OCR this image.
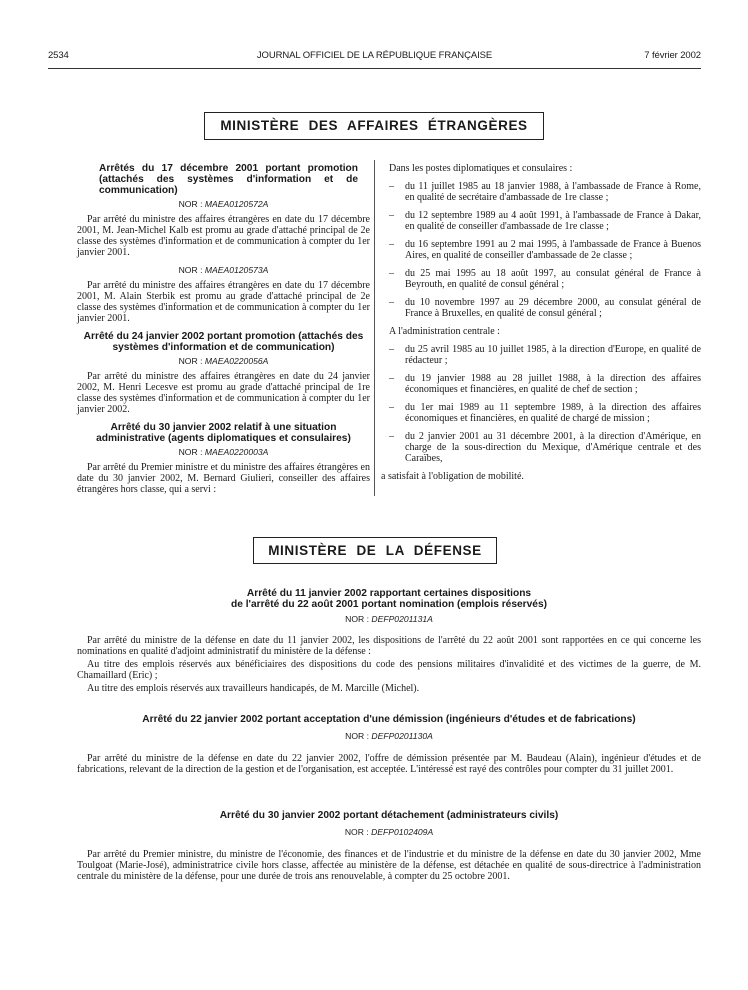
2534	JOURNAL OFFICIEL DE LA RÉPUBLIQUE FRANÇAISE	7 février 2002
MINISTÈRE DES AFFAIRES ÉTRANGÈRES
Arrêtés du 17 décembre 2001 portant promotion (attachés des systèmes d'information et de communication)
NOR : MAEA0120572A

Par arrêté du ministre des affaires étrangères en date du 17 décembre 2001, M. Jean-Michel Kalb est promu au grade d'attaché principal de 2e classe des systèmes d'information et de communication à compter du 1er janvier 2001.

NOR : MAEA0120573A

Par arrêté du ministre des affaires étrangères en date du 17 décembre 2001, M. Alain Sterbik est promu au grade d'attaché principal de 2e classe des systèmes d'information et de communication à compter du 1er janvier 2001.

Arrêté du 24 janvier 2002 portant promotion (attachés des systèmes d'information et de communication)
NOR : MAEA0220056A

Par arrêté du ministre des affaires étrangères en date du 24 janvier 2002, M. Henri Lecesve est promu au grade d'attaché principal de 1re classe des systèmes d'information et de communication à compter du 1er janvier 2002.

Arrêté du 30 janvier 2002 relatif à une situation administrative (agents diplomatiques et consulaires)
NOR : MAEA0220003A

Par arrêté du Premier ministre et du ministre des affaires étrangères en date du 30 janvier 2002, M. Bernard Giulieri, conseiller des affaires étrangères hors classe, qui a servi :

Dans les postes diplomatiques et consulaires :

– du 11 juillet 1985 au 18 janvier 1988, à l'ambassade de France à Rome, en qualité de secrétaire d'ambassade de 1re classe ;
– du 12 septembre 1989 au 4 août 1991, à l'ambassade de France à Dakar, en qualité de conseiller d'ambassade de 1re classe ;
– du 16 septembre 1991 au 2 mai 1995, à l'ambassade de France à Buenos Aires, en qualité de conseiller d'ambassade de 2e classe ;
– du 25 mai 1995 au 18 août 1997, au consulat général de France à Beyrouth, en qualité de consul général ;
– du 10 novembre 1997 au 29 décembre 2000, au consulat général de France à Bruxelles, en qualité de consul général ;

A l'administration centrale :

– du 25 avril 1985 au 10 juillet 1985, à la direction d'Europe, en qualité de rédacteur ;
– du 19 janvier 1988 au 28 juillet 1988, à la direction des affaires économiques et financières, en qualité de chef de section ;
– du 1er mai 1989 au 11 septembre 1989, à la direction des affaires économiques et financières, en qualité de chargé de mission ;
– du 2 janvier 2001 au 31 décembre 2001, à la direction d'Amérique, en charge de la sous-direction du Mexique, d'Amérique centrale et des Caraïbes,

a satisfait à l'obligation de mobilité.

MINISTÈRE DE LA DÉFENSE
Arrêté du 11 janvier 2002 rapportant certaines dispositions
de l'arrêté du 22 août 2001 portant nomination (emplois réservés)
NOR : DEFP0201131A

Par arrêté du ministre de la défense en date du 11 janvier 2002, les dispositions de l'arrêté du 22 août 2001 sont rapportées en ce qui concerne les nominations en qualité d'adjoint administratif du ministère de la défense :

Au titre des emplois réservés aux bénéficiaires des dispositions du code des pensions militaires d'invalidité et des victimes de la guerre, de M. Chamaillard (Eric) ;

Au titre des emplois réservés aux travailleurs handicapés, de M. Marcille (Michel).

Arrêté du 22 janvier 2002 portant acceptation d'une démission (ingénieurs d'études et de fabrications)
NOR : DEFP0201130A

Par arrêté du ministre de la défense en date du 22 janvier 2002, l'offre de démission présentée par M. Baudeau (Alain), ingénieur d'études et de fabrications, relevant de la direction de la gestion et de l'organisation, est acceptée. L'intéressé est rayé des contrôles pour compter du 31 juillet 2001.

Arrêté du 30 janvier 2002 portant détachement (administrateurs civils)
NOR : DEFP0102409A

Par arrêté du Premier ministre, du ministre de l'économie, des finances et de l'industrie et du ministre de la défense en date du 30 janvier 2002, Mme Toulgoat (Marie-José), administratrice civile hors classe, affectée au ministère de la défense, est détachée en qualité de sous-directrice à l'administration centrale du ministère de la défense, pour une durée de trois ans renouvelable, à compter du 25 octobre 2001.
